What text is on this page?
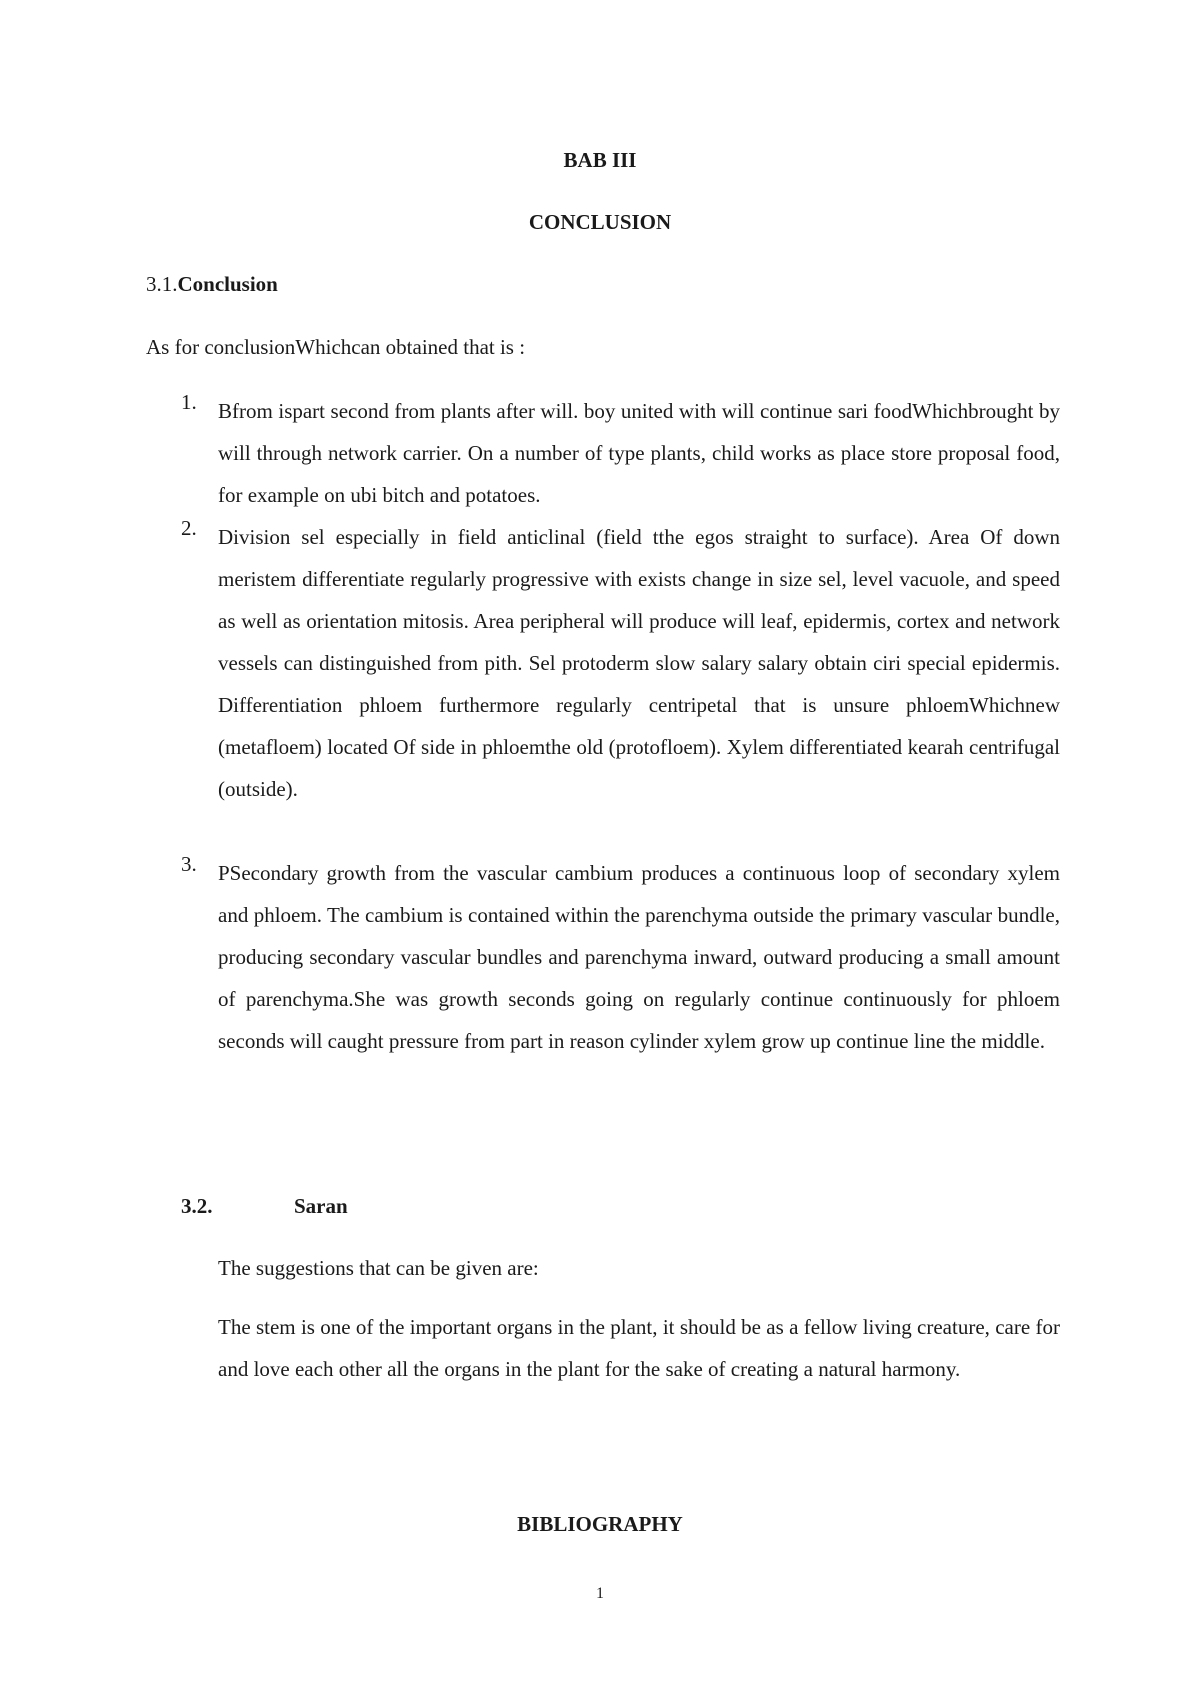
BAB III
CONCLUSION
3.1.Conclusion
As for conclusionWhichcan obtained that is :
1. Bfrom ispart second from plants after will. boy united with will continue sari foodWhichbrought by will through network carrier. On a number of type plants, child works as place store proposal food, for example on ubi bitch and potatoes.
2. Division sel especially in field anticlinal (field tthe egos straight to surface). Area Of down meristem differentiate regularly progressive with exists change in size sel, level vacuole, and speed as well as orientation mitosis. Area peripheral will produce will leaf, epidermis, cortex and network vessels can distinguished from pith. Sel protoderm slow salary salary obtain ciri special epidermis. Differentiation phloem furthermore regularly centripetal that is unsure phloemWhichnew (metafloem) located Of side in phloemthe old (protofloem). Xylem differentiated kearah centrifugal (outside).
3. PSecondary growth from the vascular cambium produces a continuous loop of secondary xylem and phloem. The cambium is contained within the parenchyma outside the primary vascular bundle, producing secondary vascular bundles and parenchyma inward, outward producing a small amount of parenchyma.She was growth seconds going on regularly continue continuously for phloem seconds will caught pressure from part in reason cylinder xylem grow up continue line the middle.
3.2.	Saran
The suggestions that can be given are:
The stem is one of the important organs in the plant, it should be as a fellow living creature, care for and love each other all the organs in the plant for the sake of creating a natural harmony.
BIBLIOGRAPHY
1
